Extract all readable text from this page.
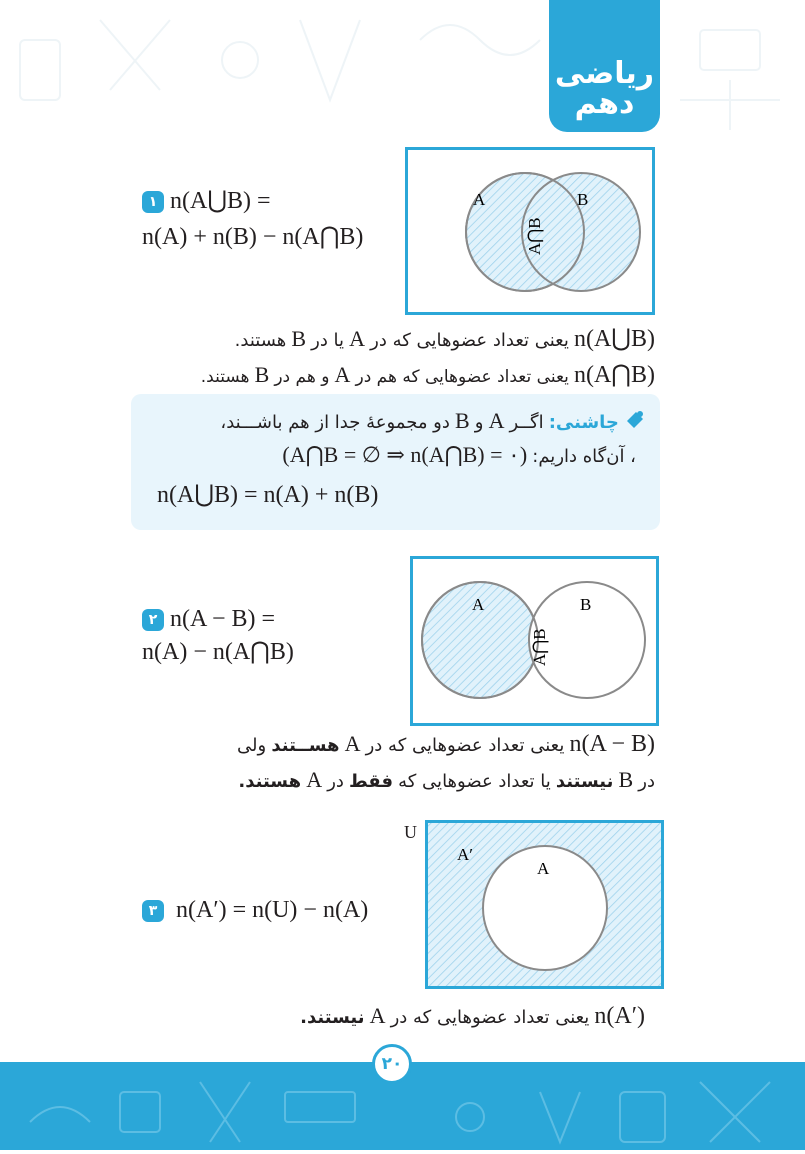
ریاضی
دهم
۱ n(A⋃B) =
n(A) + n(B) − n(A⋂B)
A	B
A⋂B
n(A⋃B) یعنی تعداد عضوهایی که در A یا در B هستند.
n(A⋂B) یعنی تعداد عضوهایی که هم در A و هم در B هستند.
چاشنی: اگــر A و B دو مجموعهٔ جدا از هم باشـــند،
، آن‌گاه داریم: (A⋂B = ∅ ⇒ n(A⋂B) = ۰)
n(A⋃B) = n(A) + n(B)
۲ n(A − B) =
n(A) − n(A⋂B)
A	B
A⋂B
n(A − B) یعنی تعداد عضوهایی که در A هســتند ولی
در B نیستند یا تعداد عضوهایی که فقط در A هستند.
۳ n(A′) = n(U) − n(A)
U
A′
A
n(A′) یعنی تعداد عضوهایی که در A نیستند.
۲۰
